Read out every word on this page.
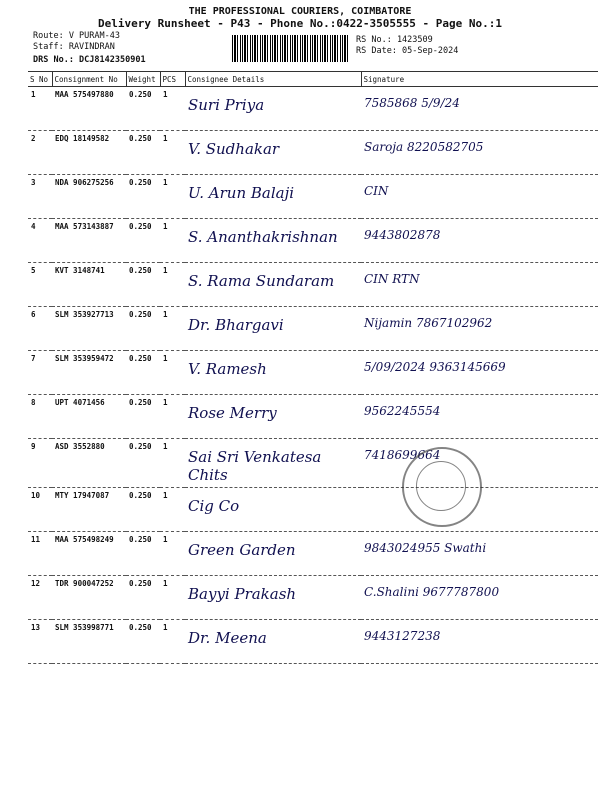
THE PROFESSIONAL COURIERS, COIMBATORE
Delivery Runsheet - P43 - Phone No.:0422-3505555 - Page No.:1
Route: V PURAM-43
Staff: RAVINDRAN
DRS No.: DCJ8142350901
RS No.: 1423509
RS Date: 05-Sep-2024
S No	Consignment No	Weight	PCS	Consignee Details	Signature
1	MAA 575497880	0.250	1	Suri Priya	7585868 5/9/24

2	EDQ 18149582	0.250	1	V. Sudhakar	Saroja 8220582705

3	NDA 906275256	0.250	1	U. Arun Balaji	CIN

4	MAA 573143887	0.250	1	S. Ananthakrishnan	9443802878

5	KVT 3148741	0.250	1	S. Rama Sundaram	CIN RTN

6	SLM 353927713	0.250	1	Dr. Bhargavi	Nijamin 7867102962

7	SLM 353959472	0.250	1	V. Ramesh	5/09/2024 9363145669

8	UPT 4071456	0.250	1	Rose Merry	9562245554

9	ASD 3552880	0.250	1	Sai Sri Venkatesa Chits	7418699664

10	MTY 17947087	0.250	1	Cig Co	

11	MAA 575498249	0.250	1	Green Garden	9843024955 Swathi

12	TDR 900047252	0.250	1	Bayyi Prakash	C.Shalini 9677787800

13	SLM 353998771	0.250	1	Dr. Meena	9443127238
